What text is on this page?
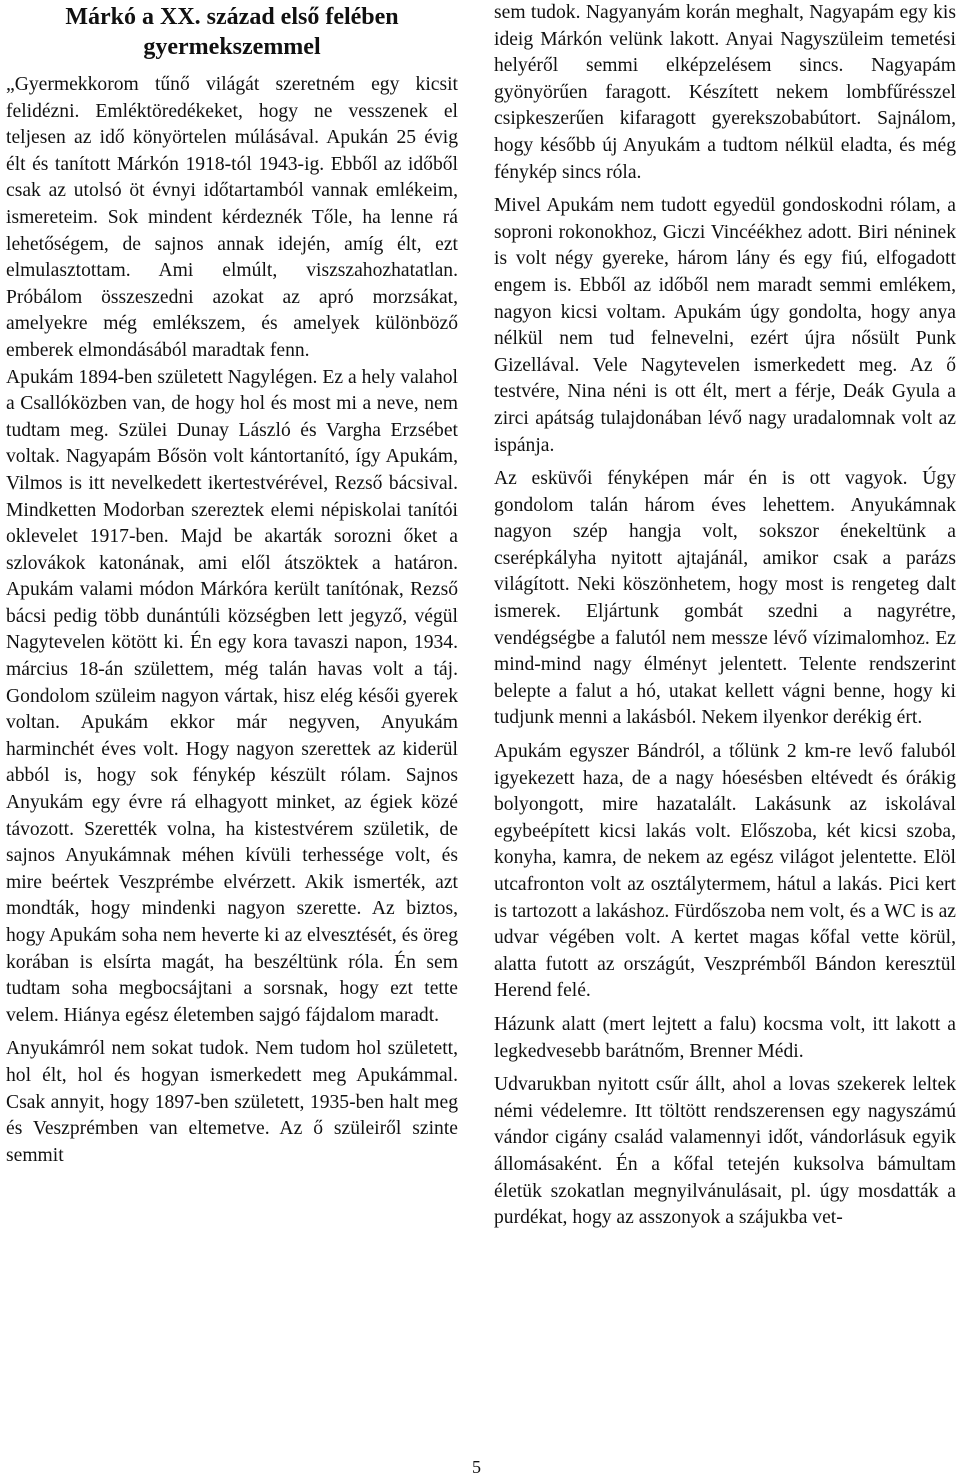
Márkó a XX. század első felében gyermekszemmel

„Gyermekkorom tűnő világát szeretném egy kicsit felidézni. Emléktöredékeket, hogy ne vesszenek el teljesen az idő könyörtelen múlásával. Apukán 25 évig élt és tanított Márkón 1918-tól 1943-ig. Ebből az időből csak az utolsó öt évnyi időtartamból vannak emlékeim, ismereteim. Sok mindent kérdeznék Tőle, ha lenne rá lehetőségem, de sajnos annak idején, amíg élt, ezt elmulasztottam. Ami elmúlt, viszszahozhatatlan. Próbálom összeszedni azokat az apró morzsákat, amelyekre még emlékszem, és amelyek különböző emberek elmondásából maradtak fenn.

Apukám 1894-ben született Nagylégen. Ez a hely valahol a Csallóközben van, de hogy hol és most mi a neve, nem tudtam meg. Szülei Dunay László és Vargha Erzsébet voltak. Nagyapám Bősön volt kántortanító, így Apukám, Vilmos is itt nevelkedett ikertestvérével, Rezső bácsival. Mindketten Modorban szereztek elemi népiskolai tanítói oklevelet 1917-ben. Majd be akarták sorozni őket a szlovákok katonának, ami elől átszöktek a határon. Apukám valami módon Márkóra került tanítónak, Rezső bácsi pedig több dunántúli községben lett jegyző, végül Nagytevelen kötött ki. Én egy kora tavaszi napon, 1934. március 18-án születtem, még talán havas volt a táj. Gondolom szüleim nagyon vártak, hisz elég késői gyerek voltan. Apukám ekkor már negyven, Anyukám harminchét éves volt. Hogy nagyon szerettek az kiderül abból is, hogy sok fénykép készült rólam. Sajnos Anyukám egy évre rá elhagyott minket, az égiek közé távozott. Szerették volna, ha kistestvérem születik, de sajnos Anyukámnak méhen kívüli terhessége volt, és mire beértek Veszprémbe elvérzett. Akik ismerték, azt mondták, hogy mindenki nagyon szerette. Az biztos, hogy Apukám soha nem heverte ki az elvesztését, és öreg korában is elsírta magát, ha beszéltünk róla. Én sem tudtam soha megbocsájtani a sorsnak, hogy ezt tette velem. Hiánya egész életemben sajgó fájdalom maradt.

Anyukámról nem sokat tudok. Nem tudom hol született, hol élt, hol és hogyan ismerkedett meg Apukámmal. Csak annyit, hogy 1897-ben született, 1935-ben halt meg és Veszprémben van eltemetve. Az ő szüleiről szinte semmit

sem tudok. Nagyanyám korán meghalt, Nagyapám egy kis ideig Márkón velünk lakott. Anyai Nagyszüleim temetési helyéről semmi elképzelésem sincs. Nagyapám gyönyörűen faragott. Készített nekem lombfűrésszel csipkeszerűen kifaragott gyerekszobabútort. Sajnálom, hogy később új Anyukám a tudtom nélkül eladta, és még fénykép sincs róla.

Mivel Apukám nem tudott egyedül gondoskodni rólam, a soproni rokonokhoz, Giczi Vincéékhez adott. Biri néninek is volt négy gyereke, három lány és egy fiú, elfogadott engem is. Ebből az időből nem maradt semmi emlékem, nagyon kicsi voltam. Apukám úgy gondolta, hogy anya nélkül nem tud felnevelni, ezért újra nősült Punk Gizellával. Vele Nagytevelen ismerkedett meg. Az ő testvére, Nina néni is ott élt, mert a férje, Deák Gyula a zirci apátság tulajdonában lévő nagy uradalomnak volt az ispánja.

Az esküvői fényképen már én is ott vagyok. Úgy gondolom talán három éves lehettem. Anyukámnak nagyon szép hangja volt, sokszor énekeltünk a cserépkályha nyitott ajtajánál, amikor csak a parázs világított. Neki köszönhetem, hogy most is rengeteg dalt ismerek. Eljártunk gombát szedni a nagyrétre, vendégségbe a falutól nem messze lévő vízimalomhoz. Ez mind-mind nagy élményt jelentett. Telente rendszerint belepte a falut a hó, utakat kellett vágni benne, hogy ki tudjunk menni a lakásból. Nekem ilyenkor derékig ért.

Apukám egyszer Bándról, a tőlünk 2 km-re levő faluból igyekezett haza, de a nagy hóesésben eltévedt és órákig bolyongott, mire hazatalált. Lakásunk az iskolával egybeépített kicsi lakás volt. Előszoba, két kicsi szoba, konyha, kamra, de nekem az egész világot jelentette. Elöl utcafronton volt az osztálytermem, hátul a lakás. Pici kert is tartozott a lakáshoz. Fürdőszoba nem volt, és a WC is az udvar végében volt. A kertet magas kőfal vette körül, alatta futott az országút, Veszprémből Bándon keresztül Herend felé.

Házunk alatt (mert lejtett a falu) kocsma volt, itt lakott a legkedvesebb barátnőm, Brenner Médi.

Udvarukban nyitott csűr állt, ahol a lovas szekerek leltek némi védelemre. Itt töltött rendszerensen egy nagyszámú vándor cigány család valamennyi időt, vándorlásuk egyik állomásaként. Én a kőfal tetején kuksolva bámultam életük szokatlan megnyilvánulásait, pl. úgy mosdatták a purdékat, hogy az asszonyok a szájukba vet-

5
